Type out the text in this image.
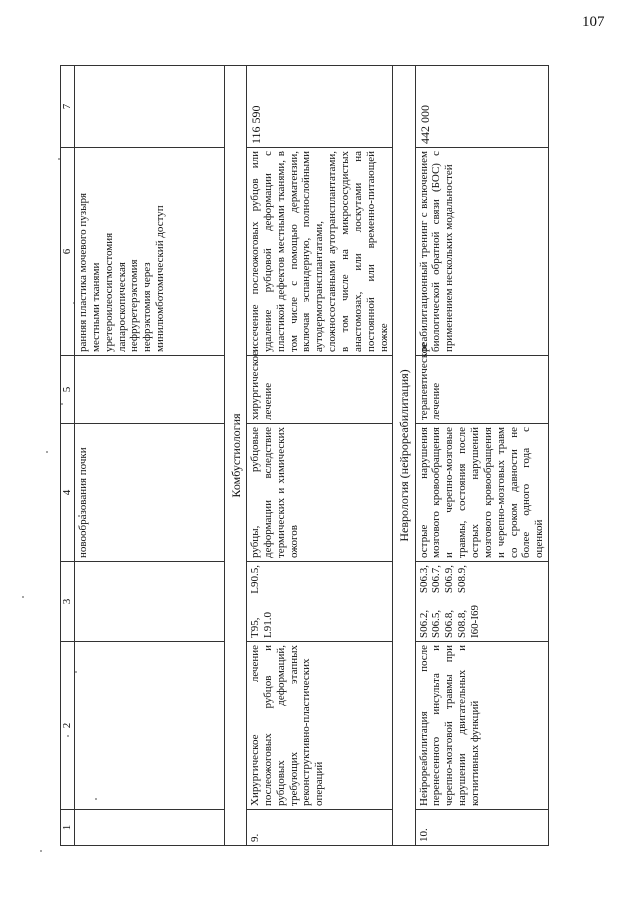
107
1	2	3	4	5	6	7
			новообразования почки		ранняя пластика мочевого пузыря местными тканями
уретероилеосигмостомия лапароскопическая
нефруретерэктомия
нефрэктомия через минилюмботомический доступ	
Комбустиология						
9.	Хирургическое лечение послеожоговых рубцов и рубцовых деформаций, требующих этапных реконструктивно-пластических операций	T95, L90.5, L91.0	рубцы, рубцовые деформации вследствие термических и химических ожогов	хирургическое лечение	иссечение послеожоговых рубцов или удаление рубцовой деформации с пластикой дефектов местными тканями, в том числе с помощью дерматензии, включая эспандерную, полнослойными аутодермотрансплантатами, сложносоставными аутотрансплантатами, в том числе на микрососудистых анастомозах, или лоскутами на постоянной или временно-питающей ножке	116 590
Неврология (нейрореабилитация)						
10.	Нейрореабилитация после перенесенного инсульта и черепно-мозговой травмы при нарушении двигательных и когнитивных функций	S06.2, S06.3, S06.5, S06.7, S06.8, S06.9, S08.8, S08.9, I60-I69	острые нарушения мозгового кровообращения и черепно-мозговые травмы, состояния после острых нарушений мозгового кровообращения и черепно-мозговых травм со сроком давности не более одного года с оценкой	терапевтическое лечение	реабилитационный тренинг с включением биологической обратной связи (БОС) с применением нескольких модальностей	442 000
